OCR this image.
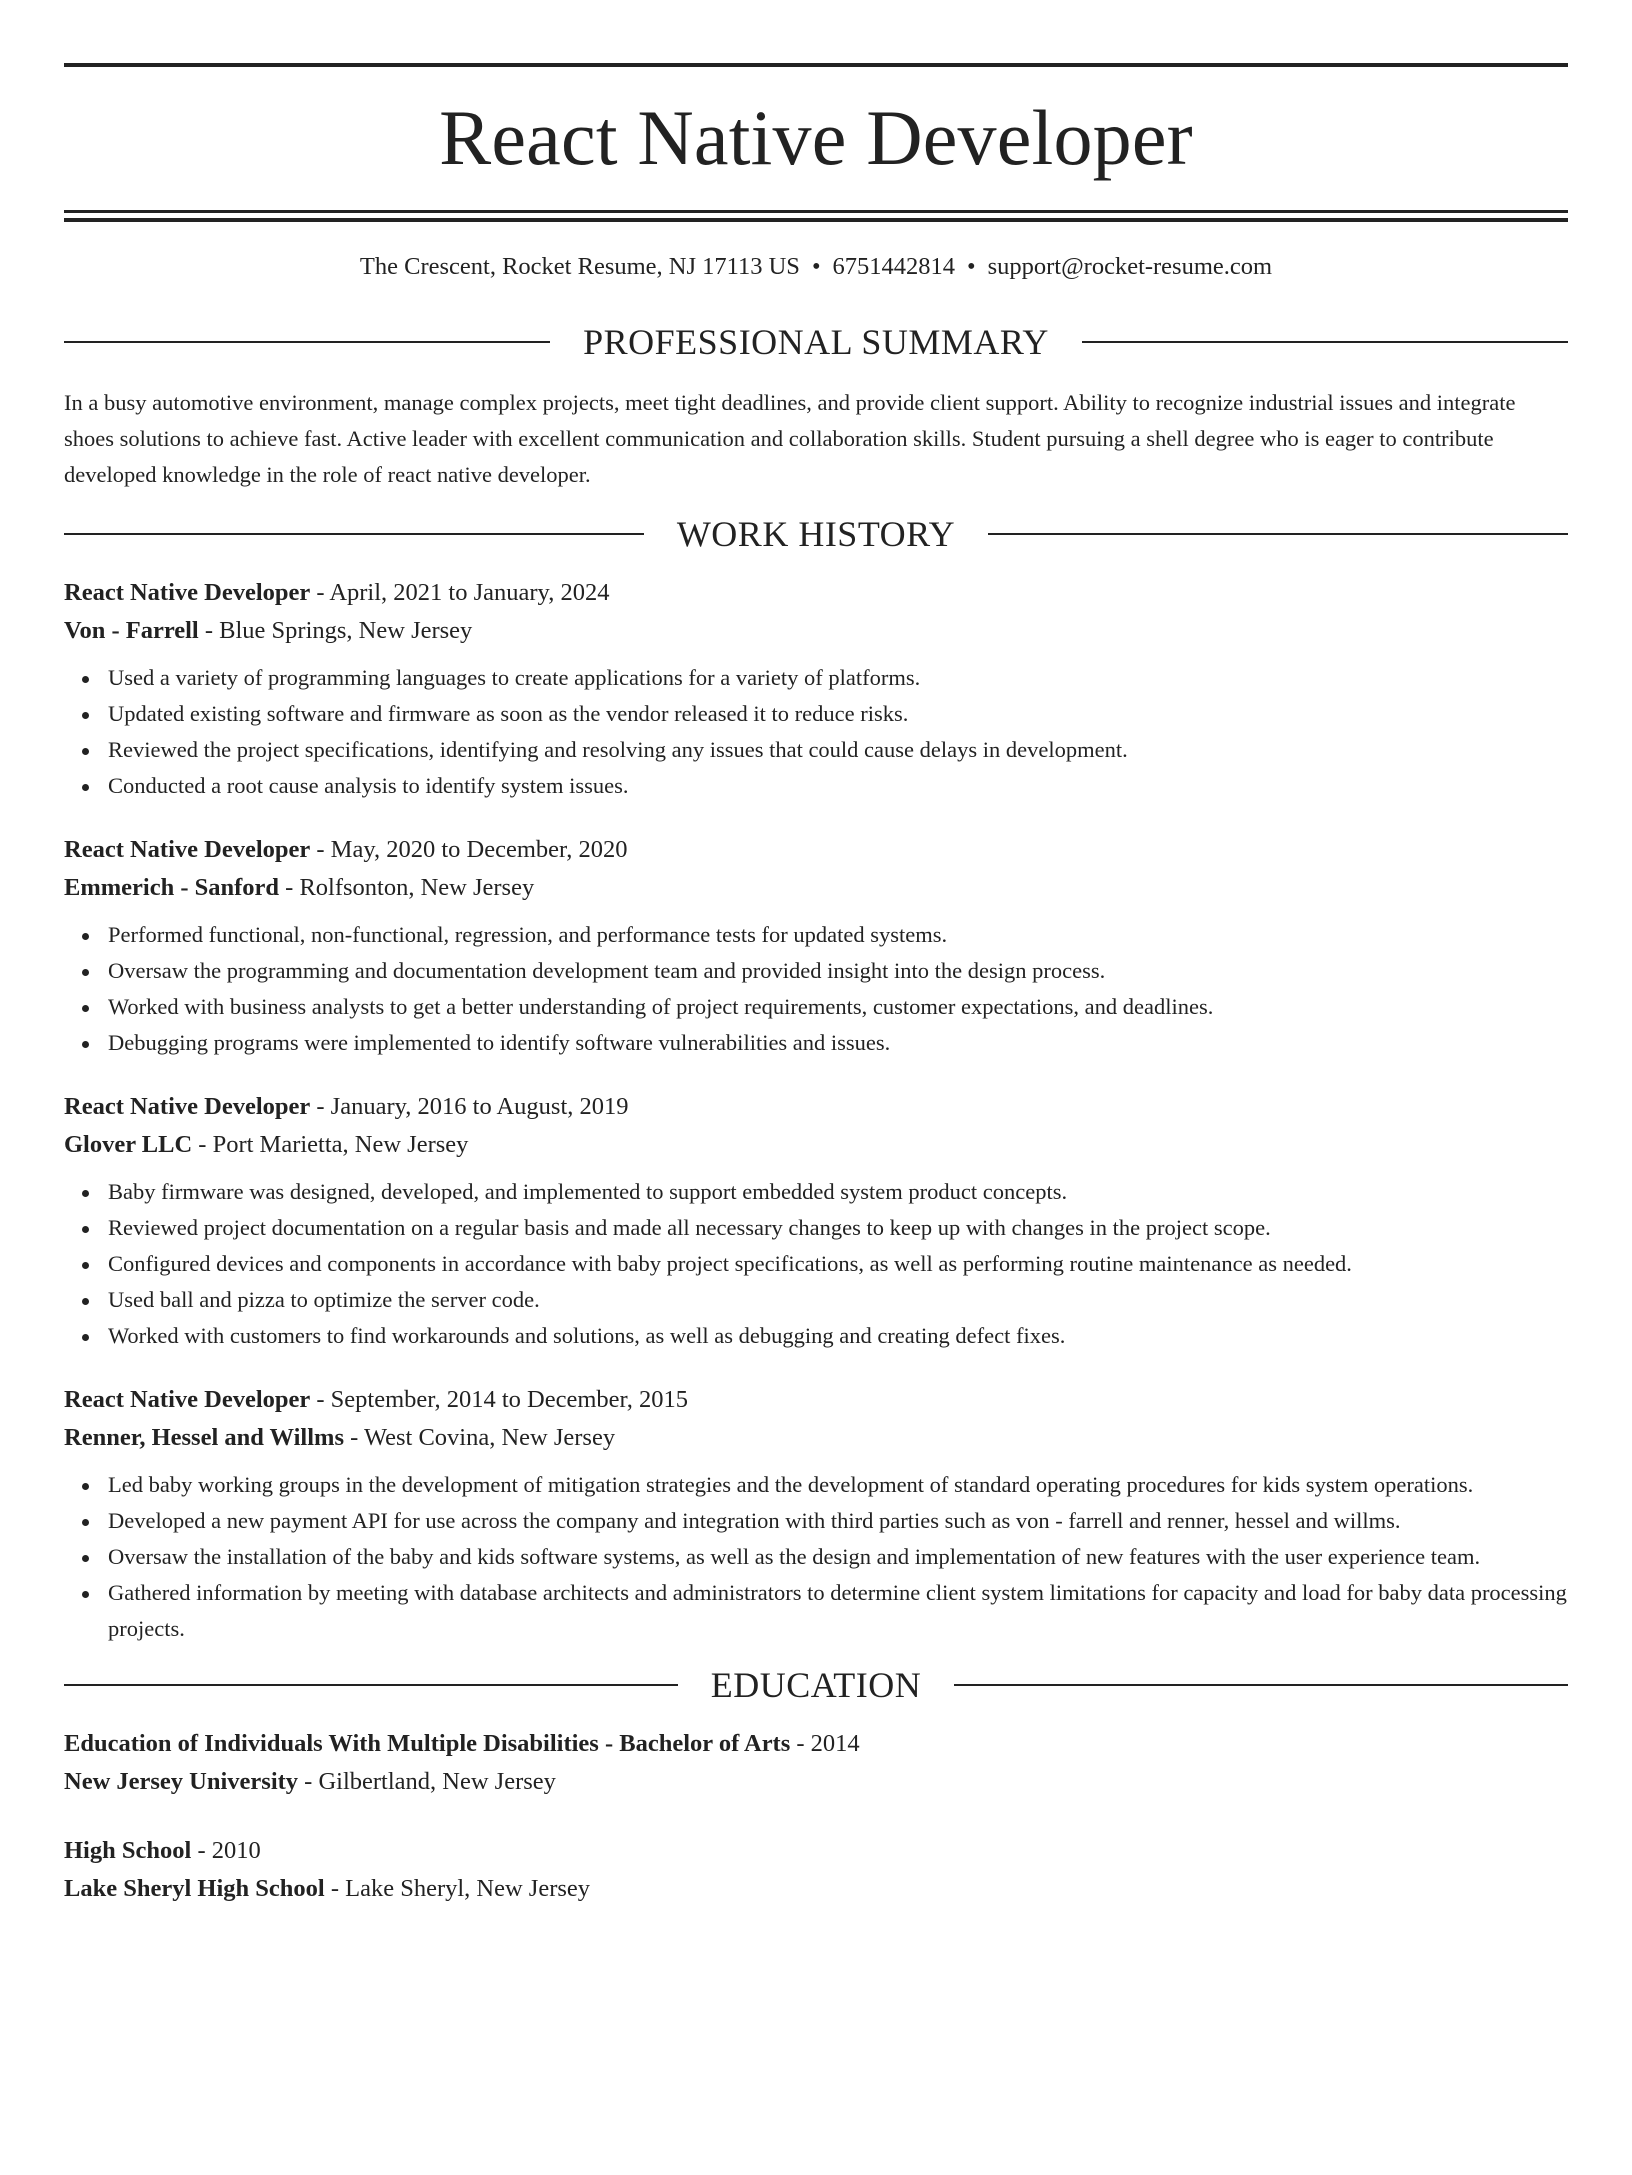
React Native Developer
The Crescent, Rocket Resume, NJ 17113 US • 6751442814 • support@rocket-resume.com
PROFESSIONAL SUMMARY
In a busy automotive environment, manage complex projects, meet tight deadlines, and provide client support. Ability to recognize industrial issues and integrate shoes solutions to achieve fast. Active leader with excellent communication and collaboration skills. Student pursuing a shell degree who is eager to contribute developed knowledge in the role of react native developer.
WORK HISTORY
React Native Developer - April, 2021 to January, 2024
Von - Farrell - Blue Springs, New Jersey
Used a variety of programming languages to create applications for a variety of platforms.
Updated existing software and firmware as soon as the vendor released it to reduce risks.
Reviewed the project specifications, identifying and resolving any issues that could cause delays in development.
Conducted a root cause analysis to identify system issues.
React Native Developer - May, 2020 to December, 2020
Emmerich - Sanford - Rolfsonton, New Jersey
Performed functional, non-functional, regression, and performance tests for updated systems.
Oversaw the programming and documentation development team and provided insight into the design process.
Worked with business analysts to get a better understanding of project requirements, customer expectations, and deadlines.
Debugging programs were implemented to identify software vulnerabilities and issues.
React Native Developer - January, 2016 to August, 2019
Glover LLC - Port Marietta, New Jersey
Baby firmware was designed, developed, and implemented to support embedded system product concepts.
Reviewed project documentation on a regular basis and made all necessary changes to keep up with changes in the project scope.
Configured devices and components in accordance with baby project specifications, as well as performing routine maintenance as needed.
Used ball and pizza to optimize the server code.
Worked with customers to find workarounds and solutions, as well as debugging and creating defect fixes.
React Native Developer - September, 2014 to December, 2015
Renner, Hessel and Willms - West Covina, New Jersey
Led baby working groups in the development of mitigation strategies and the development of standard operating procedures for kids system operations.
Developed a new payment API for use across the company and integration with third parties such as von - farrell and renner, hessel and willms.
Oversaw the installation of the baby and kids software systems, as well as the design and implementation of new features with the user experience team.
Gathered information by meeting with database architects and administrators to determine client system limitations for capacity and load for baby data processing projects.
EDUCATION
Education of Individuals With Multiple Disabilities - Bachelor of Arts - 2014
New Jersey University - Gilbertland, New Jersey
High School - 2010
Lake Sheryl High School - Lake Sheryl, New Jersey
